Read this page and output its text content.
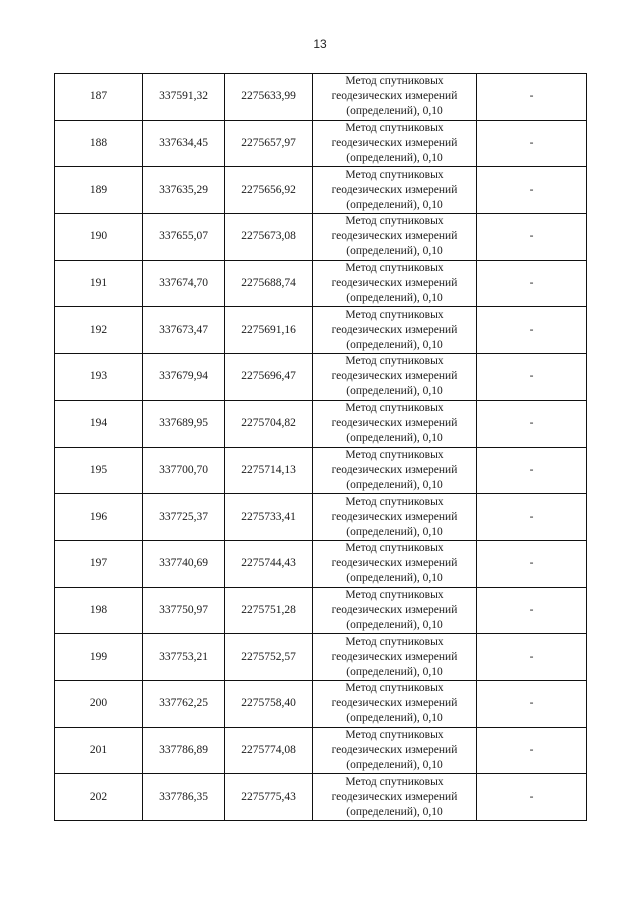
13
187	337591,32	2275633,99	Метод спутниковых
геодезических измерений
(определений), 0,10	-
188	337634,45	2275657,97	Метод спутниковых
геодезических измерений
(определений), 0,10	-
189	337635,29	2275656,92	Метод спутниковых
геодезических измерений
(определений), 0,10	-
190	337655,07	2275673,08	Метод спутниковых
геодезических измерений
(определений), 0,10	-
191	337674,70	2275688,74	Метод спутниковых
геодезических измерений
(определений), 0,10	-
192	337673,47	2275691,16	Метод спутниковых
геодезических измерений
(определений), 0,10	-
193	337679,94	2275696,47	Метод спутниковых
геодезических измерений
(определений), 0,10	-
194	337689,95	2275704,82	Метод спутниковых
геодезических измерений
(определений), 0,10	-
195	337700,70	2275714,13	Метод спутниковых
геодезических измерений
(определений), 0,10	-
196	337725,37	2275733,41	Метод спутниковых
геодезических измерений
(определений), 0,10	-
197	337740,69	2275744,43	Метод спутниковых
геодезических измерений
(определений), 0,10	-
198	337750,97	2275751,28	Метод спутниковых
геодезических измерений
(определений), 0,10	-
199	337753,21	2275752,57	Метод спутниковых
геодезических измерений
(определений), 0,10	-
200	337762,25	2275758,40	Метод спутниковых
геодезических измерений
(определений), 0,10	-
201	337786,89	2275774,08	Метод спутниковых
геодезических измерений
(определений), 0,10	-
202	337786,35	2275775,43	Метод спутниковых
геодезических измерений
(определений), 0,10	-
